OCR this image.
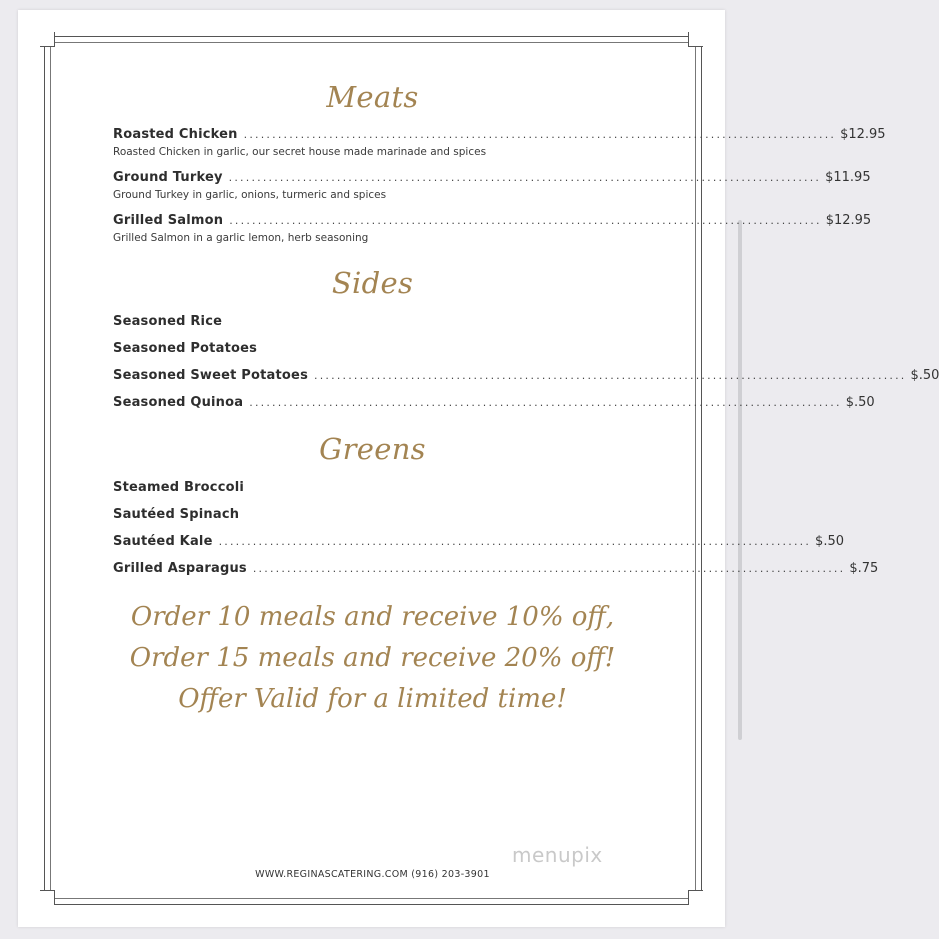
Meats
Roasted Chicken ........................................................................................................ $12.95
Roasted Chicken in garlic, our secret house made marinade and spices
Ground Turkey ........................................................................................................ $11.95
Ground Turkey in garlic, onions, turmeric and spices
Grilled Salmon ........................................................................................................ $12.95
Grilled Salmon in a garlic lemon, herb seasoning
Sides
Seasoned Rice
Seasoned Potatoes
Seasoned Sweet Potatoes ........................................................................................................ $.50
Seasoned Quinoa ........................................................................................................ $.50
Greens
Steamed Broccoli
Sautéed Spinach
Sautéed Kale ........................................................................................................ $.50
Grilled Asparagus ........................................................................................................ $.75
Order 10 meals and receive 10% off, Order 15 meals and receive 20% off! Offer Valid for a limited time!
WWW.REGINASCATERING.COM (916) 203-3901
menupix
